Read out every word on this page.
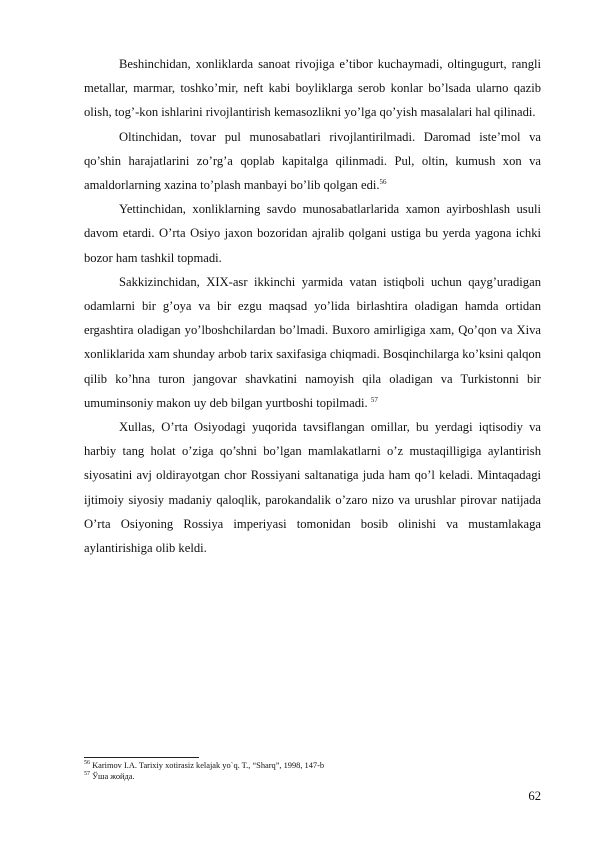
Beshinchidan, xonliklarda sanoat rivojiga e’tibor kuchaymadi, oltingugurt, rangli metallar, marmar, toshko’mir, neft kabi boyliklarga serob konlar bo’lsada ularno qazib olish, tog’-kon ishlarini rivojlantirish kemasozlikni yo’lga qo’yish masalalari hal qilinadi.

Oltinchidan, tovar pul munosabatlari rivojlantirilmadi. Daromad iste’mol va qo’shin harajatlarini zo’rg’a qoplab kapitalga qilinmadi. Pul, oltin, kumush xon va amaldorlarning xazina to’plash manbayi bo’lib qolgan edi.$^{56}$

Yettinchidan, xonliklarning savdo munosabatlarlarida xamon ayirboshlash usuli davom etardi. O’rta Osiyo jaxon bozoridan ajralib qolgani ustiga bu yerda yagona ichki bozor ham tashkil topmadi.

Sakkizinchidan, XIX-asr ikkinchi yarmida vatan istiqboli uchun qayg’uradigan odamlarni bir g’oya va bir ezgu maqsad yo’lida birlashtira oladigan hamda ortidan ergashtira oladigan yo’lboshchilardan bo’lmadi. Buxoro amirligiga xam, Qo’qon va Xiva xonliklarida xam shunday arbob tarix saxifasiga chiqmadi. Bosqinchilarga ko’ksini qalqon qilib ko’hna turon jangovar shavkatini namoyish qila oladigan va Turkistonni bir umuminsoniy makon uy deb bilgan yurtboshi topilmadi. $^{57}$

Xullas, O’rta Osiyodagi yuqorida tavsiflangan omillar, bu yerdagi iqtisodiy va harbiy tang holat o’ziga qo’shni bo’lgan mamlakatlarni o’z mustaqilligiga aylantirish siyosatini avj oldirayotgan chor Rossiyani saltanatiga juda ham qo’l keladi. Mintaqadagi ijtimoiy siyosiy madaniy qaloqlik, parokandalik o’zaro nizo va urushlar pirovar natijada O’rta Osiyoning Rossiya imperiyasi tomonidan bosib olinishi va mustamlakaga aylantirishiga olib keldi.

$^{56}$ Karimov I.A. Tarixiy xotirasiz kelajak yo`q. T., “Sharq”, 1998, 147-b

$^{57}$ Ўша жойда.

62
